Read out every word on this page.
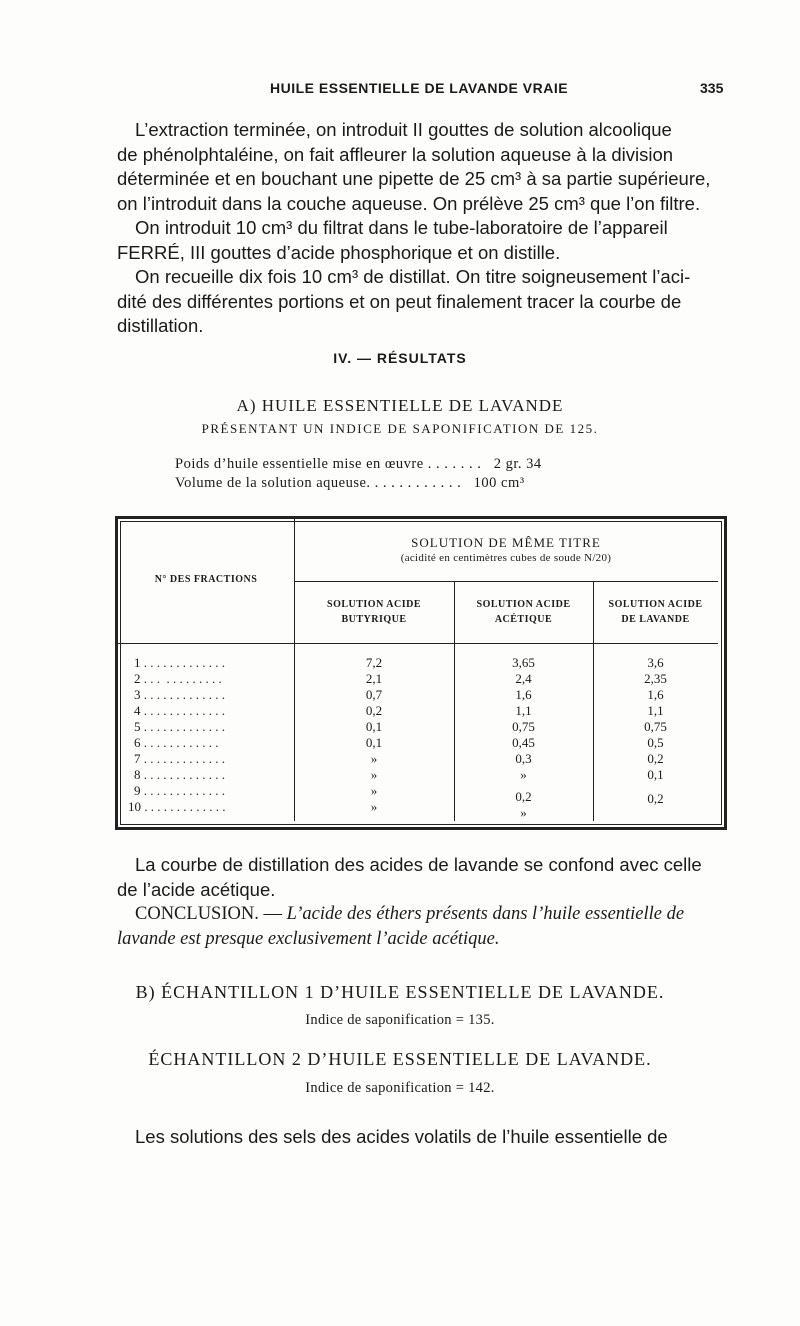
HUILE ESSENTIELLE DE LAVANDE VRAIE	335
L’extraction terminée, on introduit II gouttes de solution alcoolique
de phénolphtaléine, on fait affleurer la solution aqueuse à la division
déterminée et en bouchant une pipette de 25 cm³ à sa partie supérieure,
on l’introduit dans la couche aqueuse. On prélève 25 cm³ que l’on filtre.
On introduit 10 cm³ du filtrat dans le tube-laboratoire de l’appareil
FERRÉ, III gouttes d’acide phosphorique et on distille.
On recueille dix fois 10 cm³ de distillat. On titre soigneusement l’aci-
dité des différentes portions et on peut finalement tracer la courbe de
distillation.
IV. — RÉSULTATS
A) HUILE ESSENTIELLE DE LAVANDE
PRÉSENTANT UN INDICE DE SAPONIFICATION DE 125.
Poids d’huile essentielle mise en œuvre . . . . . . .   2 gr. 34
Volume de la solution aqueuse. . . . . . . . . . . .   100 cm³
N° DES FRACTIONS
SOLUTION DE MÊME TITRE
(acidité en centimètres cubes de soude N/20)
SOLUTION ACIDE
BUTYRIQUE
SOLUTION ACIDE
ACÉTIQUE
SOLUTION ACIDE
DE LAVANDE
1 . . . . . . . . . . . . .	7,2	3,65	3,6
2 . . .  . . . . . . . . .	2,1	2,4	2,35
3 . . . . . . . . . . . . .	0,7	1,6	1,6
4 . . . . . . . . . . . . .	0,2	1,1	1,1
5 . . . . . . . . . . . . .	0,1	0,75	0,75
6 . . . . . . . . . . . .	0,1	0,45	0,5
7 . . . . . . . . . . . . .	»	0,3	0,2
8 . . . . . . . . . . . . .	»	»	0,1
9 . . . . . . . . . . . . .	»	0,2	0,2
10 . . . . . . . . . . . . .	»	»
La courbe de distillation des acides de lavande se confond avec celle
de l’acide acétique.
CONCLUSION. — L’acide des éthers présents dans l’huile essentielle de
lavande est presque exclusivement l’acide acétique.
B) ÉCHANTILLON 1 D’HUILE ESSENTIELLE DE LAVANDE.
Indice de saponification = 135.
ÉCHANTILLON 2 D’HUILE ESSENTIELLE DE LAVANDE.
Indice de saponification = 142.
Les solutions des sels des acides volatils de l’huile essentielle de
